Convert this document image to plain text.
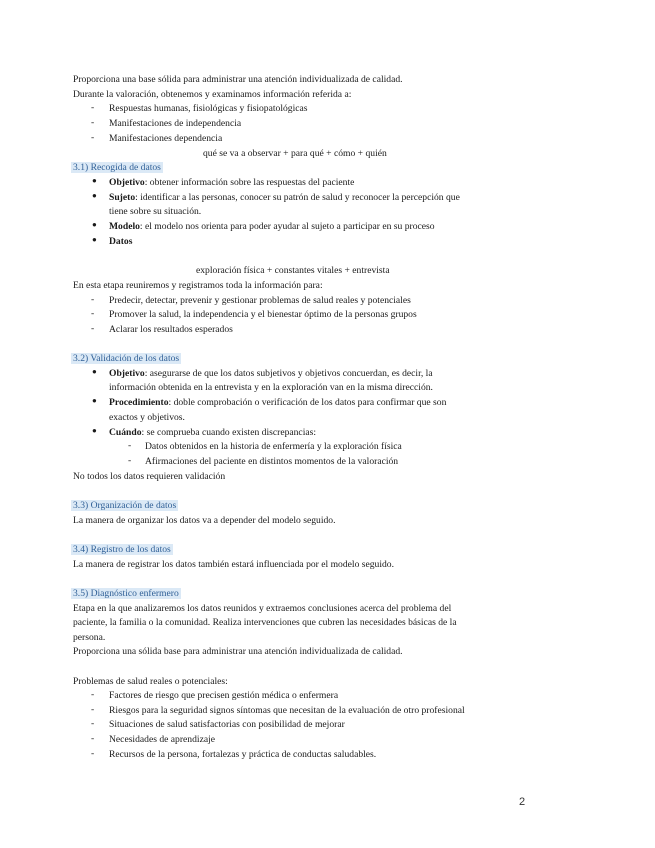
Proporciona una base sólida para administrar una atención individualizada de calidad.
Durante la valoración, obtenemos y examinamos información referida a:
- Respuestas humanas, fisiológicas y fisiopatológicas
- Manifestaciones de independencia
- Manifestaciones dependencia
qué se va a observar + para qué + cómo + quién
3.1) Recogida de datos
● Objetivo: obtener información sobre las respuestas del paciente
● Sujeto: identificar a las personas, conocer su patrón de salud y reconocer la percepción que
tiene sobre su situación.
● Modelo: el modelo nos orienta para poder ayudar al sujeto a participar en su proceso
● Datos
exploración física + constantes vitales + entrevista
En esta etapa reuniremos y registramos toda la información para:
- Predecir, detectar, prevenir y gestionar problemas de salud reales y potenciales
- Promover la salud, la independencia y el bienestar óptimo de la personas grupos
- Aclarar los resultados esperados
3.2) Validación de los datos
● Objetivo: asegurarse de que los datos subjetivos y objetivos concuerdan, es decir, la
información obtenida en la entrevista y en la exploración van en la misma dirección.
● Procedimiento: doble comprobación o verificación de los datos para confirmar que son
exactos y objetivos.
● Cuándo: se comprueba cuando existen discrepancias:
- Datos obtenidos en la historia de enfermería y la exploración física
- Afirmaciones del paciente en distintos momentos de la valoración
No todos los datos requieren validación
3.3) Organización de datos
La manera de organizar los datos va a depender del modelo seguido.
3.4) Registro de los datos
La manera de registrar los datos también estará influenciada por el modelo seguido.
3.5) Diagnóstico enfermero
Etapa en la que analizaremos los datos reunidos y extraemos conclusiones acerca del problema del
paciente, la familia o la comunidad. Realiza intervenciones que cubren las necesidades básicas de la
persona.
Proporciona una sólida base para administrar una atención individualizada de calidad.
Problemas de salud reales o potenciales:
- Factores de riesgo que precisen gestión médica o enfermera
- Riesgos para la seguridad signos síntomas que necesitan de la evaluación de otro profesional
- Situaciones de salud satisfactorias con posibilidad de mejorar
- Necesidades de aprendizaje
- Recursos de la persona, fortalezas y práctica de conductas saludables.
2
